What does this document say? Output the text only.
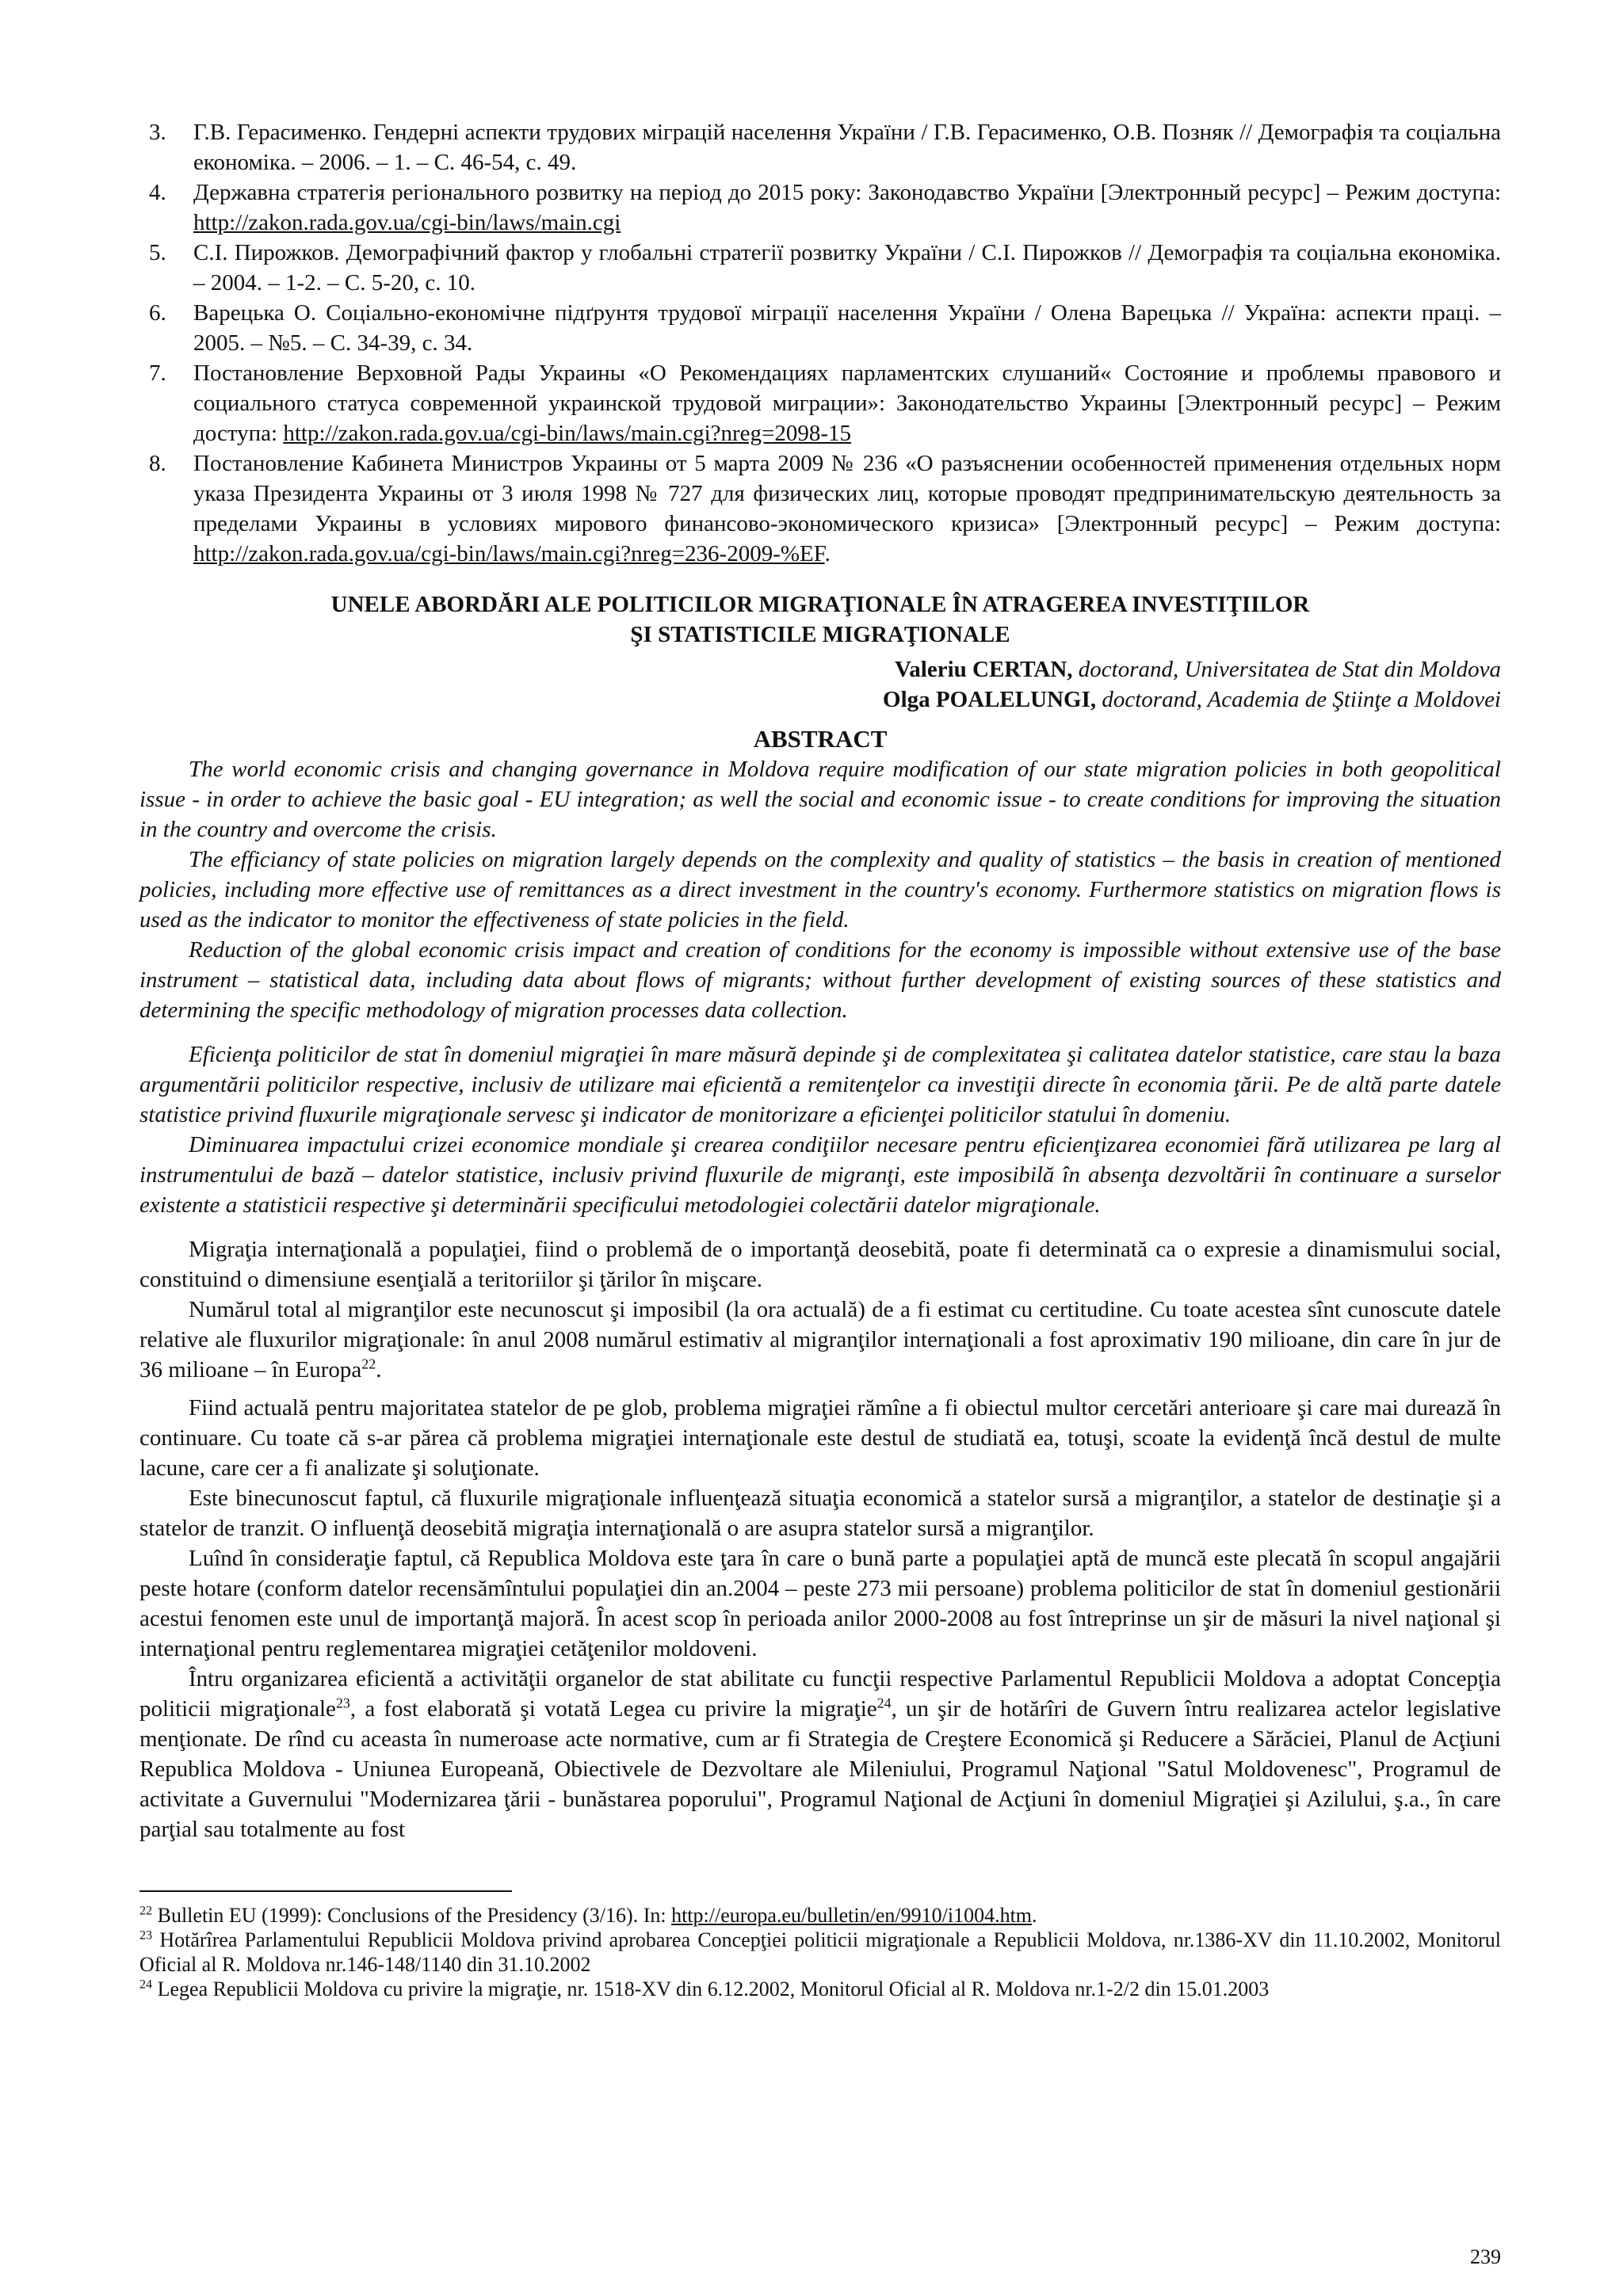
3. Г.В. Герасименко. Гендерні аспекти трудових міграцій населення України / Г.В. Герасименко, О.В. Позняк // Демографія та соціальна економіка. – 2006. – 1. – С. 46-54, с. 49.
4. Державна стратегія регіонального розвитку на період до 2015 року: Законодавство України [Электронный ресурс] – Режим доступа: http://zakon.rada.gov.ua/cgi-bin/laws/main.cgi
5. С.І. Пирожков. Демографічний фактор у глобальні стратегії розвитку України / С.І. Пирожков // Демографія та соціальна економіка. – 2004. – 1-2. – С. 5-20, с. 10.
6. Варецька О. Соціально-економічне підґрунтя трудової міграції населення України / Олена Варецька // Україна: аспекти праці. – 2005. – №5. – С. 34-39, с. 34.
7. Постановление Верховной Рады Украины «О Рекомендациях парламентских слушаний« Состояние и проблемы правового и социального статуса современной украинской трудовой миграции»: Законодательство Украины [Электронный ресурс] – Режим доступа: http://zakon.rada.gov.ua/cgi-bin/laws/main.cgi?nreg=2098-15
8. Постановление Кабинета Министров Украины от 5 марта 2009 № 236 «О разъяснении особенностей применения отдельных норм указа Президента Украины от 3 июля 1998 № 727 для физических лиц, которые проводят предпринимательскую деятельность за пределами Украины в условиях мирового финансово-экономического кризиса» [Электронный ресурс] – Режим доступа: http://zakon.rada.gov.ua/cgi-bin/laws/main.cgi?nreg=236-2009-%EF.
UNELE ABORDĂRI ALE POLITICILOR MIGRAŢIONALE ÎN ATRAGEREA INVESTIŢIILOR
ŞI STATISTICILE MIGRAŢIONALE
Valeriu CERTAN, doctorand, Universitatea de Stat din Moldova
Olga POALELUNGI, doctorand, Academia de Ştiinţe a Moldovei
ABSTRACT

The world economic crisis and changing governance in Moldova require modification of our state migration policies in both geopolitical issue - in order to achieve the basic goal - EU integration; as well the social and economic issue - to create conditions for improving the situation in the country and overcome the crisis.

The efficiancy of state policies on migration largely depends on the complexity and quality of statistics – the basis in creation of mentioned policies, including more effective use of remittances as a direct investment in the country's economy. Furthermore statistics on migration flows is used as the indicator to monitor the effectiveness of state policies in the field.

Reduction of the global economic crisis impact and creation of conditions for the economy is impossible without extensive use of the base instrument – statistical data, including data about flows of migrants; without further development of existing sources of these statistics and determining the specific methodology of migration processes data collection.

Eficienţa politicilor de stat în domeniul migraţiei în mare măsură depinde şi de complexitatea şi calitatea datelor statistice, care stau la baza argumentării politicilor respective, inclusiv de utilizare mai eficientă a remitenţelor ca investiţii directe în economia ţării. Pe de altă parte datele statistice privind fluxurile migraţionale servesc şi indicator de monitorizare a eficienţei politicilor statului în domeniu.

Diminuarea impactului crizei economice mondiale şi crearea condiţiilor necesare pentru eficienţizarea economiei fără utilizarea pe larg al instrumentului de bază – datelor statistice, inclusiv privind fluxurile de migranţi, este imposibilă în absenţa dezvoltării în continuare a surselor existente a statisticii respective şi determinării specificului metodologiei colectării datelor migraţionale.

Migraţia internaţională a populaţiei, fiind o problemă de o importanţă deosebită, poate fi determinată ca o expresie a dinamismului social, constituind o dimensiune esenţială a teritoriilor şi ţărilor în mişcare.

Numărul total al migranţilor este necunoscut şi imposibil (la ora actuală) de a fi estimat cu certitudine. Cu toate acestea sînt cunoscute datele relative ale fluxurilor migraţionale: în anul 2008 numărul estimativ al migranţilor internaţionali a fost aproximativ 190 milioane, din care în jur de 36 milioane – în Europa$^{22}$.

Fiind actuală pentru majoritatea statelor de pe glob, problema migraţiei rămîne a fi obiectul multor cercetări anterioare şi care mai durează în continuare. Cu toate că s-ar părea că problema migraţiei internaţionale este destul de studiată ea, totuşi, scoate la evidenţă încă destul de multe lacune, care cer a fi analizate şi soluţionate.

Este binecunoscut faptul, că fluxurile migraţionale influenţează situaţia economică a statelor sursă a migranţilor, a statelor de destinaţie şi a statelor de tranzit. O influenţă deosebită migraţia internaţională o are asupra statelor sursă a migranţilor.

Luînd în consideraţie faptul, că Republica Moldova este ţara în care o bună parte a populaţiei aptă de muncă este plecată în scopul angajării peste hotare (conform datelor recensămîntului populaţiei din an.2004 – peste 273 mii persoane) problema politicilor de stat în domeniul gestionării acestui fenomen este unul de importanţă majoră. În acest scop în perioada anilor 2000-2008 au fost întreprinse un şir de măsuri la nivel naţional şi internaţional pentru reglementarea migraţiei cetăţenilor moldoveni.

Întru organizarea eficientă a activităţii organelor de stat abilitate cu funcţii respective Parlamentul Republicii Moldova a adoptat Concepţia politicii migraţionale$^{23}$, a fost elaborată şi votată Legea cu privire la migraţie$^{24}$, un şir de hotărîri de Guvern întru realizarea actelor legislative menţionate. De rînd cu aceasta în numeroase acte normative, cum ar fi Strategia de Creştere Economică şi Reducere a Sărăciei, Planul de Acţiuni Republica Moldova - Uniunea Europeană, Obiectivele de Dezvoltare ale Mileniului, Programul Naţional "Satul Moldovenesc", Programul de activitate a Guvernului "Modernizarea ţării - bunăstarea poporului", Programul Naţional de Acţiuni în domeniul Migraţiei şi Azilului, ş.a., în care parţial sau totalmente au fost

$^{22}$ Bulletin EU (1999): Conclusions of the Presidency (3/16). In: http://europa.eu/bulletin/en/9910/i1004.htm.

$^{23}$ Hotărîrea Parlamentului Republicii Moldova privind aprobarea Concepţiei politicii migraţionale a Republicii Moldova, nr.1386-XV din 11.10.2002, Monitorul Oficial al R. Moldova nr.146-148/1140 din 31.10.2002

$^{24}$ Legea Republicii Moldova cu privire la migraţie, nr. 1518-XV din 6.12.2002, Monitorul Oficial al R. Moldova nr.1-2/2 din 15.01.2003

239
